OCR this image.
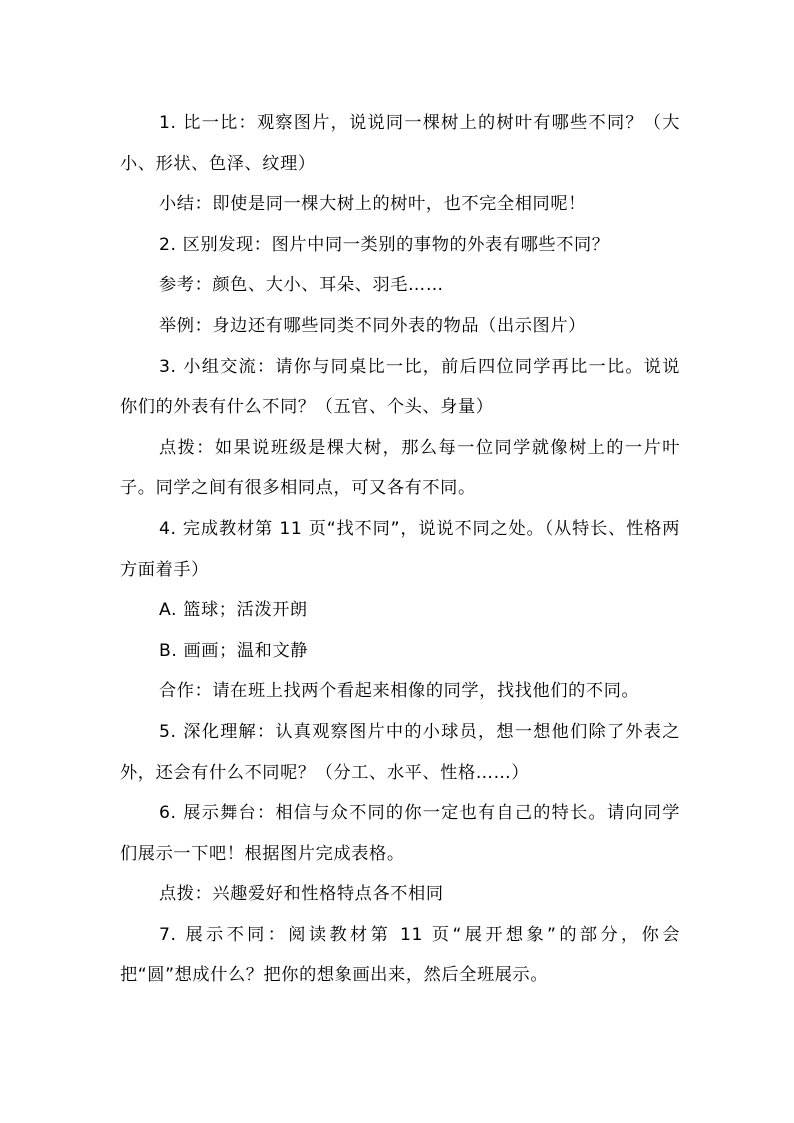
1. 比一比：观察图片，说说同一棵树上的树叶有哪些不同？（大小、形状、色泽、纹理）

小结：即使是同一棵大树上的树叶，也不完全相同呢！

2. 区别发现：图片中同一类别的事物的外表有哪些不同？

参考：颜色、大小、耳朵、羽毛……

举例：身边还有哪些同类不同外表的物品（出示图片）

3. 小组交流：请你与同桌比一比，前后四位同学再比一比。说说你们的外表有什么不同？（五官、个头、身量）

点拨：如果说班级是棵大树，那么每一位同学就像树上的一片叶子。同学之间有很多相同点，可又各有不同。

4. 完成教材第 11 页“找不同”，说说不同之处。（从特长、性格两方面着手）

A. 篮球；活泼开朗

B. 画画；温和文静

合作：请在班上找两个看起来相像的同学，找找他们的不同。

5. 深化理解：认真观察图片中的小球员，想一想他们除了外表之外，还会有什么不同呢？（分工、水平、性格……）

6. 展示舞台：相信与众不同的你一定也有自己的特长。请向同学们展示一下吧！根据图片完成表格。

点拨：兴趣爱好和性格特点各不相同

7. 展示不同：阅读教材第 11 页“展开想象”的部分，你会把“圆”想成什么？把你的想象画出来，然后全班展示。
